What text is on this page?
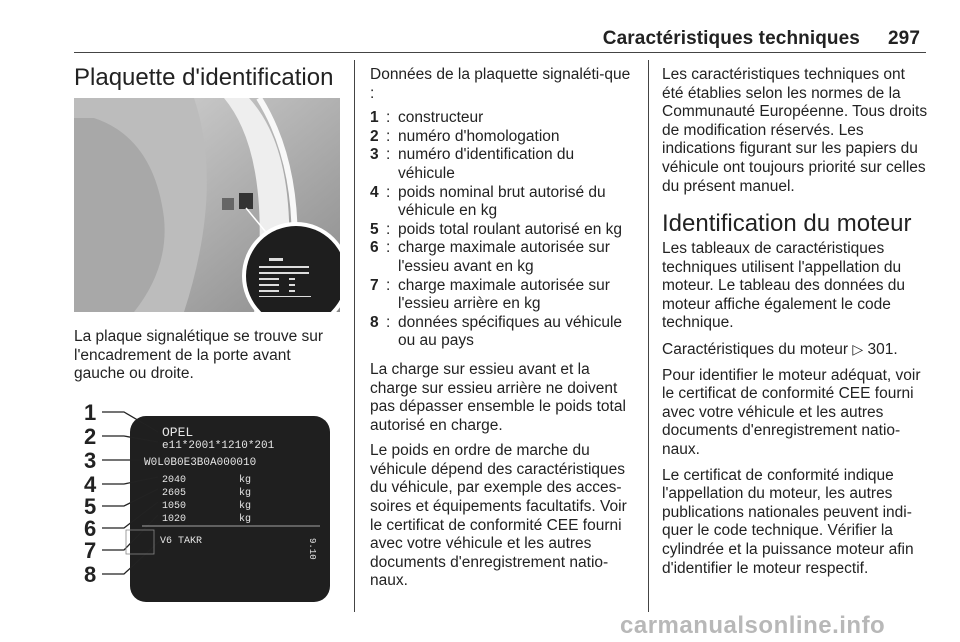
Caractéristiques techniques 297
Plaquette d'identification

La plaque signalétique se trouve sur l'encadrement de la porte avant gauche ou droite.

1
2
3
4
5
6
7
8
OPEL
e11*2001*1210*201
W0L0B0E3B0A000010
2040	kg
2605	kg
1050	kg
1020	kg
V6 TAKR	9.10

Données de la plaquette signaléti-que :

1 : constructeur
2 : numéro d'homologation
3 : numéro d'identification du véhicule
4 : poids nominal brut autorisé du véhicule en kg
5 : poids total roulant autorisé en kg
6 : charge maximale autorisée sur l'essieu avant en kg
7 : charge maximale autorisée sur l'essieu arrière en kg
8 : données spécifiques au véhicule ou au pays

La charge sur essieu avant et la charge sur essieu arrière ne doivent pas dépasser ensemble le poids total autorisé en charge.

Le poids en ordre de marche du véhicule dépend des caractéristiques du véhicule, par exemple des acces-soires et équipements facultatifs. Voir le certificat de conformité CEE fourni avec votre véhicule et les autres documents d'enregistrement natio-naux.

Les caractéristiques techniques ont été établies selon les normes de la Communauté Européenne. Tous droits de modification réservés. Les indications figurant sur les papiers du véhicule ont toujours priorité sur celles du présent manuel.

Identification du moteur

Les tableaux de caractéristiques techniques utilisent l'appellation du moteur. Le tableau des données du moteur affiche également le code technique.

Caractéristiques du moteur ▷ 301.

Pour identifier le moteur adéquat, voir le certificat de conformité CEE fourni avec votre véhicule et les autres documents d'enregistrement natio-naux.

Le certificat de conformité indique l'appellation du moteur, les autres publications nationales peuvent indi-quer le code technique. Vérifier la cylindrée et la puissance moteur afin d'identifier le moteur respectif.

carmanualsonline.info
